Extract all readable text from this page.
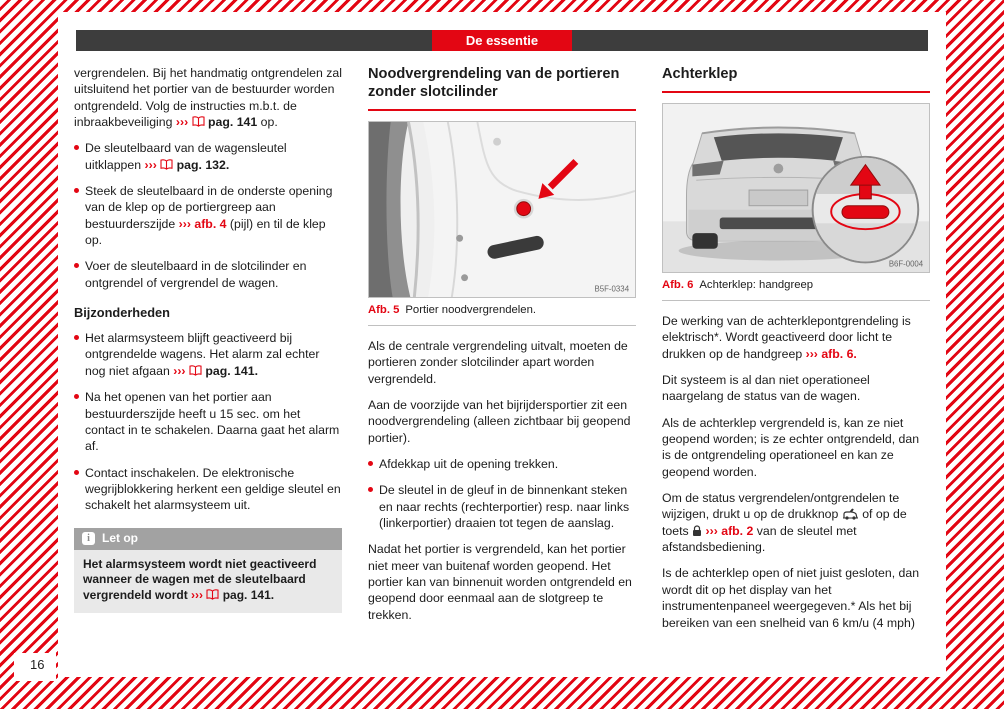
De essentie

vergrendelen. Bij het handmatig ontgrendelen zal uitsluitend het portier van de bestuurder worden ontgrendeld. Volg de instructies m.b.t. de inbraakbeveiliging ››› pag. 141 op.

De sleutelbaard van de wagensleutel uitklappen ››› pag. 132.
Steek de sleutelbaard in de onderste opening van de klep op de portiergreep aan bestuurderszijde ››› afb. 4 (pijl) en til de klep op.
Voer de sleutelbaard in de slotcilinder en ontgrendel of vergrendel de wagen.
Bijzonderheden
Het alarmsysteem blijft geactiveerd bij ontgrendelde wagens. Het alarm zal echter nog niet afgaan ››› pag. 141.
Na het openen van het portier aan bestuurderszijde heeft u 15 sec. om het contact in te schakelen. Daarna gaat het alarm af.
Contact inschakelen. De elektronische wegrijblokkering herkent een geldige sleutel en schakelt het alarmsysteem uit.
i	Let op
Het alarmsysteem wordt niet geactiveerd wanneer de wagen met de sleutelbaard vergrendeld wordt ››› pag. 141.
Noodvergrendeling van de portieren zonder slotcilinder
B5F-0334
Afb. 5 Portier noodvergrendelen.

Als de centrale vergrendeling uitvalt, moeten de portieren zonder slotcilinder apart worden vergrendeld.

Aan de voorzijde van het bijrijdersportier zit een noodvergrendeling (alleen zichtbaar bij geopend portier).

Afdekkap uit de opening trekken.
De sleutel in de gleuf in de binnenkant steken en naar rechts (rechterportier) resp. naar links (linkerportier) draaien tot tegen de aanslag.

Nadat het portier is vergrendeld, kan het portier niet meer van buitenaf worden geopend. Het portier kan van binnenuit worden ontgrendeld en geopend door eenmaal aan de slotgreep te trekken.

Achterklep
B6F-0004
Afb. 6 Achterklep: handgreep

De werking van de achterklepontgrendeling is elektrisch*. Wordt geactiveerd door licht te drukken op de handgreep ››› afb. 6.

Dit systeem is al dan niet operationeel naargelang de status van de wagen.

Als de achterklep vergrendeld is, kan ze niet geopend worden; is ze echter ontgrendeld, dan is de ontgrendeling operationeel en kan ze geopend worden.

Om de status vergrendelen/ontgrendelen te wijzigen, drukt u op de drukknop of op de toets ››› afb. 2 van de sleutel met afstandsbediening.

Is de achterklep open of niet juist gesloten, dan wordt dit op het display van het instrumentenpaneel weergegeven.* Als het bij bereiken van een snelheid van 6 km/u (4 mph)

16
